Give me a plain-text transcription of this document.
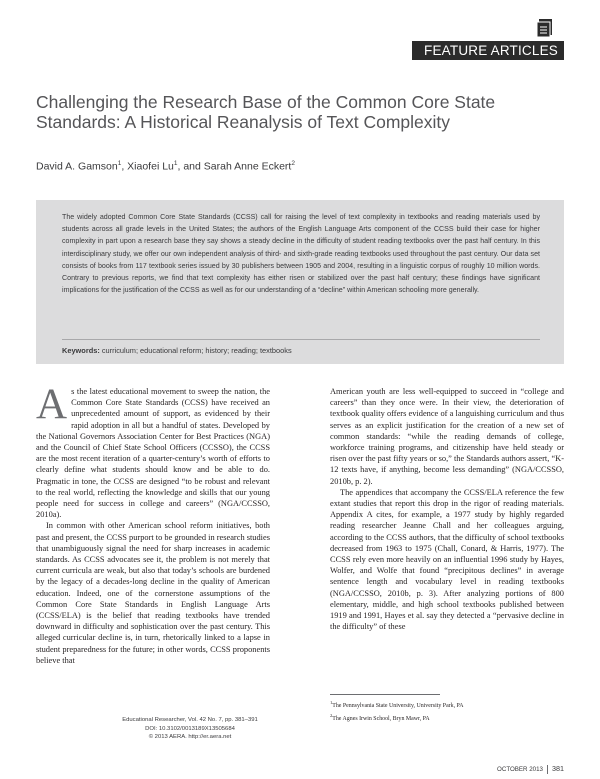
FEATURE ARTICLES
Challenging the Research Base of the Common Core State Standards: A Historical Reanalysis of Text Complexity
David A. Gamson$^1$, Xiaofei Lu$^1$, and Sarah Anne Eckert$^2$

The widely adopted Common Core State Standards (CCSS) call for raising the level of text complexity in textbooks and reading materials used by students across all grade levels in the United States; the authors of the English Language Arts component of the CCSS build their case for higher complexity in part upon a research base they say shows a steady decline in the difficulty of student reading textbooks over the past half century. In this interdisciplinary study, we offer our own independent analysis of third- and sixth-grade reading textbooks used throughout the past century. Our data set consists of books from 117 textbook series issued by 30 publishers between 1905 and 2004, resulting in a linguistic corpus of roughly 10 million words. Contrary to previous reports, we find that text complexity has either risen or stabilized over the past half century; these findings have significant implications for the justification of the CCSS as well as for our understanding of a “decline” within American schooling more generally.

Keywords: curriculum; educational reform; history; reading; textbooks

As the latest educational movement to sweep the nation, the Common Core State Standards (CCSS) have received an unprecedented amount of support, as evidenced by their rapid adoption in all but a handful of states. Developed by the National Governors Association Center for Best Practices (NGA) and the Council of Chief State School Officers (CCSSO), the CCSS are the most recent iteration of a quarter-century’s worth of efforts to clearly define what students should know and be able to do. Pragmatic in tone, the CCSS are designed “to be robust and relevant to the real world, reflecting the knowledge and skills that our young people need for success in college and careers” (NGA/CCSSO, 2010a).

In common with other American school reform initiatives, both past and present, the CCSS purport to be grounded in research studies that unambiguously signal the need for sharp increases in academic standards. As CCSS advocates see it, the problem is not merely that current curricula are weak, but also that today’s schools are burdened by the legacy of a decades-long decline in the quality of American education. Indeed, one of the cornerstone assumptions of the Common Core State Standards in English Language Arts (CCSS/ELA) is the belief that reading textbooks have trended downward in difficulty and sophistication over the past century. This alleged curricular decline is, in turn, rhetorically linked to a lapse in student preparedness for the future; in other words, CCSS proponents believe that

American youth are less well-equipped to succeed in “college and careers” than they once were. In their view, the deterioration of textbook quality offers evidence of a languishing curriculum and thus serves as an explicit justification for the creation of a new set of common standards: “while the reading demands of college, workforce training programs, and citizenship have held steady or risen over the past fifty years or so,” the Standards authors assert, “K-12 texts have, if anything, become less demanding” (NGA/CCSSO, 2010b, p. 2).

The appendices that accompany the CCSS/ELA reference the few extant studies that report this drop in the rigor of reading materials. Appendix A cites, for example, a 1977 study by highly regarded reading researcher Jeanne Chall and her colleagues arguing, according to the CCSS authors, that the difficulty of school textbooks decreased from 1963 to 1975 (Chall, Conard, & Harris, 1977). The CCSS rely even more heavily on an influential 1996 study by Hayes, Wolfer, and Wolfe that found “precipitous declines” in average sentence length and vocabulary level in reading textbooks (NGA/CCSSO, 2010b, p. 3). After analyzing portions of 800 elementary, middle, and high school textbooks published between 1919 and 1991, Hayes et al. say they detected a “pervasive decline in the difficulty” of these

$^1$The Pennsylvania State University, University Park, PA
$^2$The Agnes Irwin School, Bryn Mawr, PA
Educational Researcher, Vol. 42 No. 7, pp. 381–391
DOI: 10.3102/0013189X13505684
© 2013 AERA. http://er.aera.net
OCTOBER 2013 381
